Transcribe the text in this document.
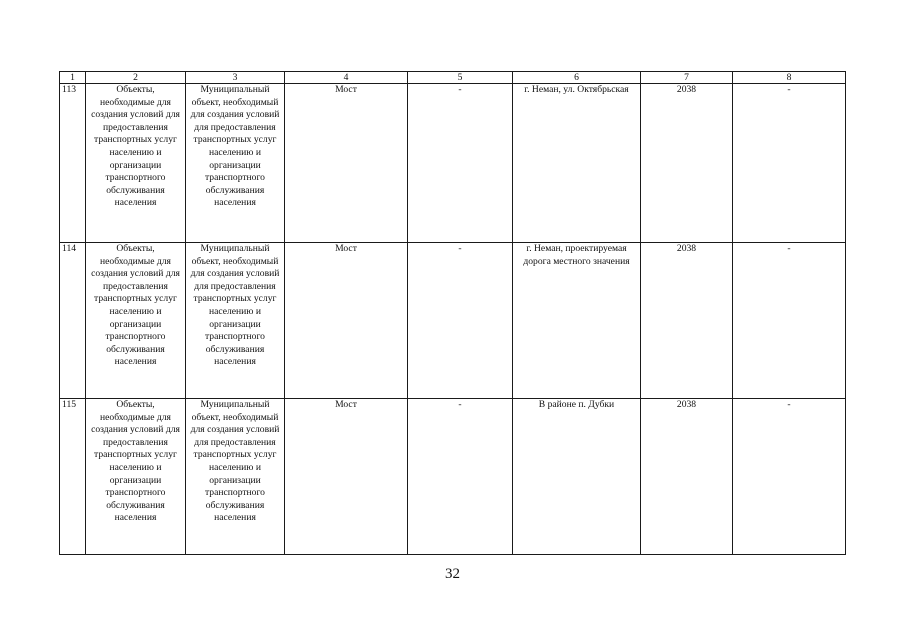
1	2	3	4	5	6	7	8
113	Объекты, необходимые для создания условий для предоставления транспортных услуг населению и организации транспортного обслуживания населения	Муниципальный объект, необходимый для создания условий для предоставления транспортных услуг населению и организации транспортного обслуживания населения	Мост	-	г. Неман, ул. Октябрьская	2038	-
114	Объекты, необходимые для создания условий для предоставления транспортных услуг населению и организации транспортного обслуживания населения	Муниципальный объект, необходимый для создания условий для предоставления транспортных услуг населению и организации транспортного обслуживания населения	Мост	-	г. Неман, проектируемая дорога местного значения	2038	-
115	Объекты, необходимые для создания условий для предоставления транспортных услуг населению и организации транспортного обслуживания населения	Муниципальный объект, необходимый для создания условий для предоставления транспортных услуг населению и организации транспортного обслуживания населения	Мост	-	В районе п. Дубки	2038	-
32
